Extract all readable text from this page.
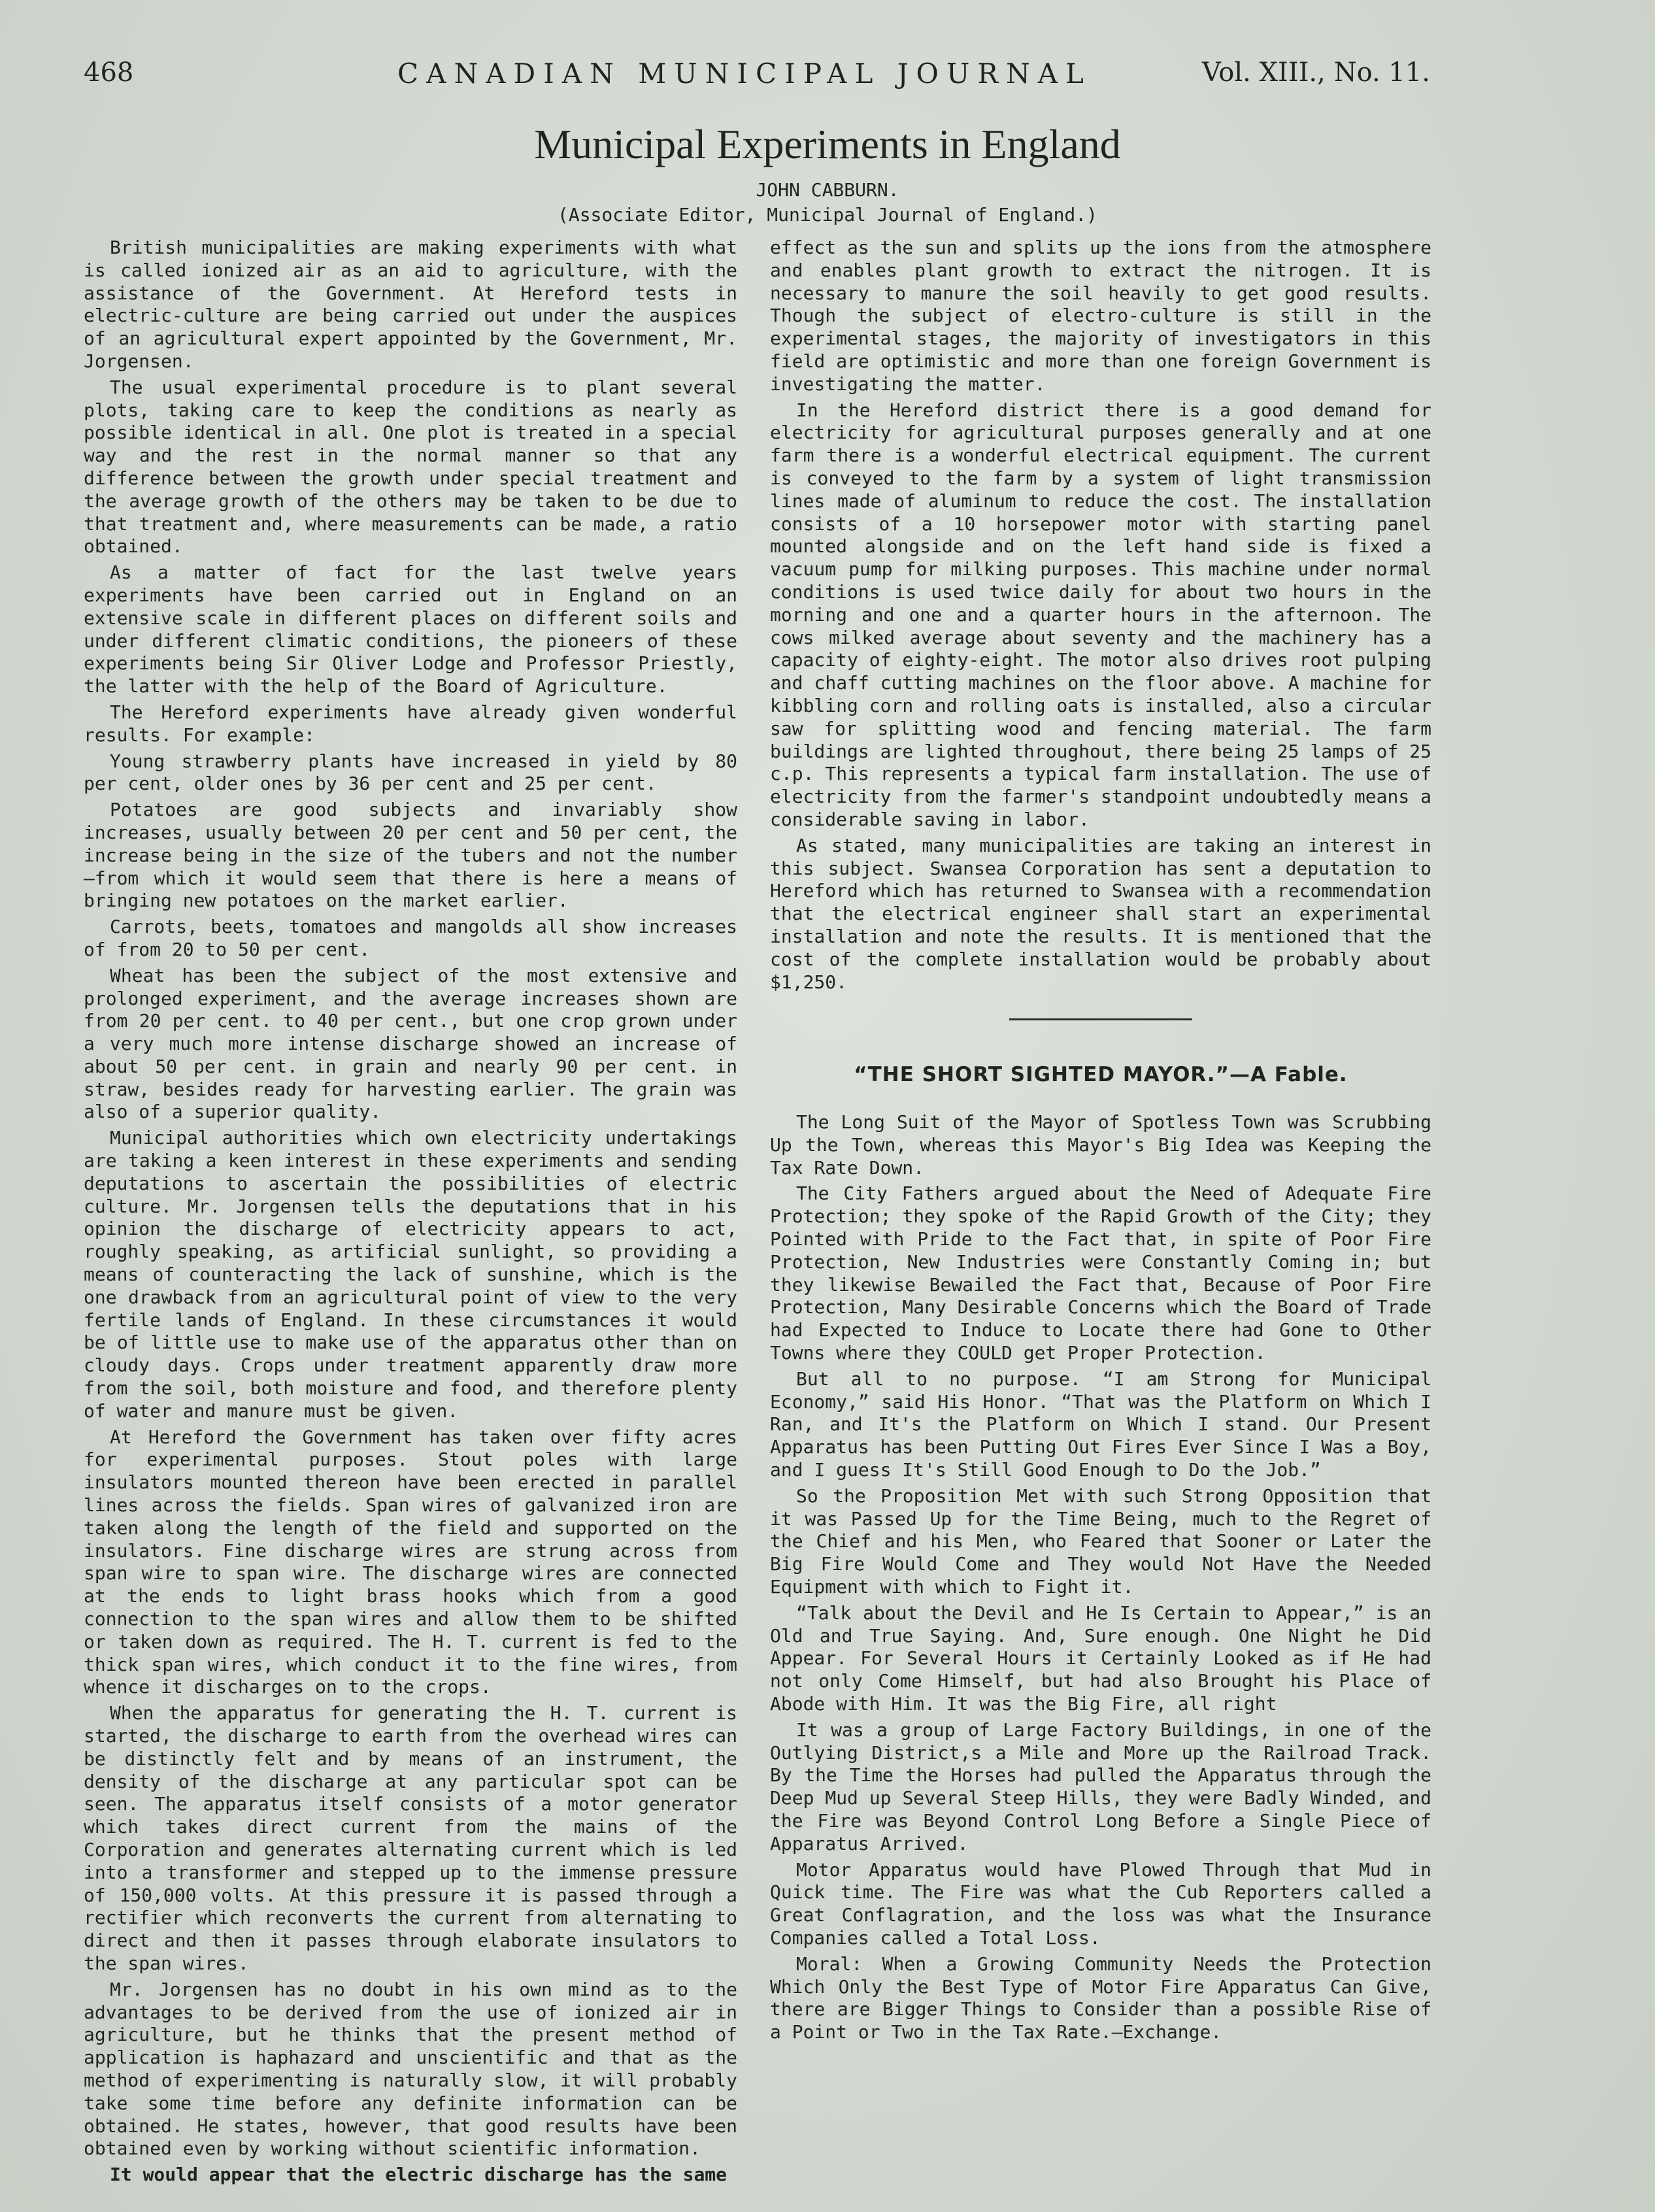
468	CANADIAN MUNICIPAL JOURNAL	Vol. XIII., No. 11.
Municipal Experiments in England
JOHN CABBURN.
(Associate Editor, Municipal Journal of England.)

British municipalities are making experiments with what is called ionized air as an aid to agriculture, with the assistance of the Government. At Hereford tests in electric-culture are being carried out under the auspices of an agricultural expert appointed by the Government, Mr. Jorgensen.

The usual experimental procedure is to plant several plots, taking care to keep the conditions as nearly as possible identical in all. One plot is treated in a special way and the rest in the normal manner so that any difference between the growth under special treatment and the average growth of the others may be taken to be due to that treatment and, where measurements can be made, a ratio obtained.

As a matter of fact for the last twelve years experiments have been carried out in England on an extensive scale in different places on different soils and under different climatic conditions, the pioneers of these experiments being Sir Oliver Lodge and Professor Priestly, the latter with the help of the Board of Agriculture.

The Hereford experiments have already given wonderful results. For example:

Young strawberry plants have increased in yield by 80 per cent, older ones by 36 per cent and 25 per cent.

Potatoes are good subjects and invariably show increases, usually between 20 per cent and 50 per cent, the increase being in the size of the tubers and not the number—from which it would seem that there is here a means of bringing new potatoes on the market earlier.

Carrots, beets, tomatoes and mangolds all show increases of from 20 to 50 per cent.

Wheat has been the subject of the most extensive and prolonged experiment, and the average increases shown are from 20 per cent. to 40 per cent., but one crop grown under a very much more intense discharge showed an increase of about 50 per cent. in grain and nearly 90 per cent. in straw, besides ready for harvesting earlier. The grain was also of a superior quality.

Municipal authorities which own electricity undertakings are taking a keen interest in these experiments and sending deputations to ascertain the possibilities of electric culture. Mr. Jorgensen tells the deputations that in his opinion the discharge of electricity appears to act, roughly speaking, as artificial sunlight, so providing a means of counteracting the lack of sunshine, which is the one drawback from an agricultural point of view to the very fertile lands of England. In these circumstances it would be of little use to make use of the apparatus other than on cloudy days. Crops under treatment apparently draw more from the soil, both moisture and food, and therefore plenty of water and manure must be given.

At Hereford the Government has taken over fifty acres for experimental purposes. Stout poles with large insulators mounted thereon have been erected in parallel lines across the fields. Span wires of galvanized iron are taken along the length of the field and supported on the insulators. Fine discharge wires are strung across from span wire to span wire. The discharge wires are connected at the ends to light brass hooks which from a good connection to the span wires and allow them to be shifted or taken down as required. The H. T. current is fed to the thick span wires, which conduct it to the fine wires, from whence it discharges on to the crops.

When the apparatus for generating the H. T. current is started, the discharge to earth from the overhead wires can be distinctly felt and by means of an instrument, the density of the discharge at any particular spot can be seen. The apparatus itself consists of a motor generator which takes direct current from the mains of the Corporation and generates alternating current which is led into a transformer and stepped up to the immense pressure of 150,000 volts. At this pressure it is passed through a rectifier which reconverts the current from alternating to direct and then it passes through elaborate insulators to the span wires.

Mr. Jorgensen has no doubt in his own mind as to the advantages to be derived from the use of ionized air in agriculture, but he thinks that the present method of application is haphazard and unscientific and that as the method of experimenting is naturally slow, it will probably take some time before any definite information can be obtained. He states, however, that good results have been obtained even by working without scientific information.

It would appear that the electric discharge has the same

effect as the sun and splits up the ions from the atmosphere and enables plant growth to extract the nitrogen. It is necessary to manure the soil heavily to get good results. Though the subject of electro-culture is still in the experimental stages, the majority of investigators in this field are optimistic and more than one foreign Government is investigating the matter.

In the Hereford district there is a good demand for electricity for agricultural purposes generally and at one farm there is a wonderful electrical equipment. The current is conveyed to the farm by a system of light transmission lines made of aluminum to reduce the cost. The installation consists of a 10 horsepower motor with starting panel mounted alongside and on the left hand side is fixed a vacuum pump for milking purposes. This machine under normal conditions is used twice daily for about two hours in the morning and one and a quarter hours in the afternoon. The cows milked average about seventy and the machinery has a capacity of eighty-eight. The motor also drives root pulping and chaff cutting machines on the floor above. A machine for kibbling corn and rolling oats is installed, also a circular saw for splitting wood and fencing material. The farm buildings are lighted throughout, there being 25 lamps of 25 c.p. This represents a typical farm installation. The use of electricity from the farmer's standpoint undoubtedly means a considerable saving in labor.

As stated, many municipalities are taking an interest in this subject. Swansea Corporation has sent a deputation to Hereford which has returned to Swansea with a recommendation that the electrical engineer shall start an experimental installation and note the results. It is mentioned that the cost of the complete installation would be probably about $1,250.

“THE SHORT SIGHTED MAYOR.”—A Fable.

The Long Suit of the Mayor of Spotless Town was Scrubbing Up the Town, whereas this Mayor's Big Idea was Keeping the Tax Rate Down.

The City Fathers argued about the Need of Adequate Fire Protection; they spoke of the Rapid Growth of the City; they Pointed with Pride to the Fact that, in spite of Poor Fire Protection, New Industries were Constantly Coming in; but they likewise Bewailed the Fact that, Because of Poor Fire Protection, Many Desirable Concerns which the Board of Trade had Expected to Induce to Locate there had Gone to Other Towns where they COULD get Proper Protection.

But all to no purpose. “I am Strong for Municipal Economy,” said His Honor. “That was the Platform on Which I Ran, and It's the Platform on Which I stand. Our Present Apparatus has been Putting Out Fires Ever Since I Was a Boy, and I guess It's Still Good Enough to Do the Job.”

So the Proposition Met with such Strong Opposition that it was Passed Up for the Time Being, much to the Regret of the Chief and his Men, who Feared that Sooner or Later the Big Fire Would Come and They would Not Have the Needed Equipment with which to Fight it.

“Talk about the Devil and He Is Certain to Appear,” is an Old and True Saying. And, Sure enough. One Night he Did Appear. For Several Hours it Certainly Looked as if He had not only Come Himself, but had also Brought his Place of Abode with Him. It was the Big Fire, all right

It was a group of Large Factory Buildings, in one of the Outlying District,s a Mile and More up the Railroad Track. By the Time the Horses had pulled the Apparatus through the Deep Mud up Several Steep Hills, they were Badly Winded, and the Fire was Beyond Control Long Before a Single Piece of Apparatus Arrived.

Motor Apparatus would have Plowed Through that Mud in Quick time. The Fire was what the Cub Reporters called a Great Conflagration, and the loss was what the Insurance Companies called a Total Loss.

Moral: When a Growing Community Needs the Protection Which Only the Best Type of Motor Fire Apparatus Can Give, there are Bigger Things to Consider than a possible Rise of a Point or Two in the Tax Rate.—Exchange.
